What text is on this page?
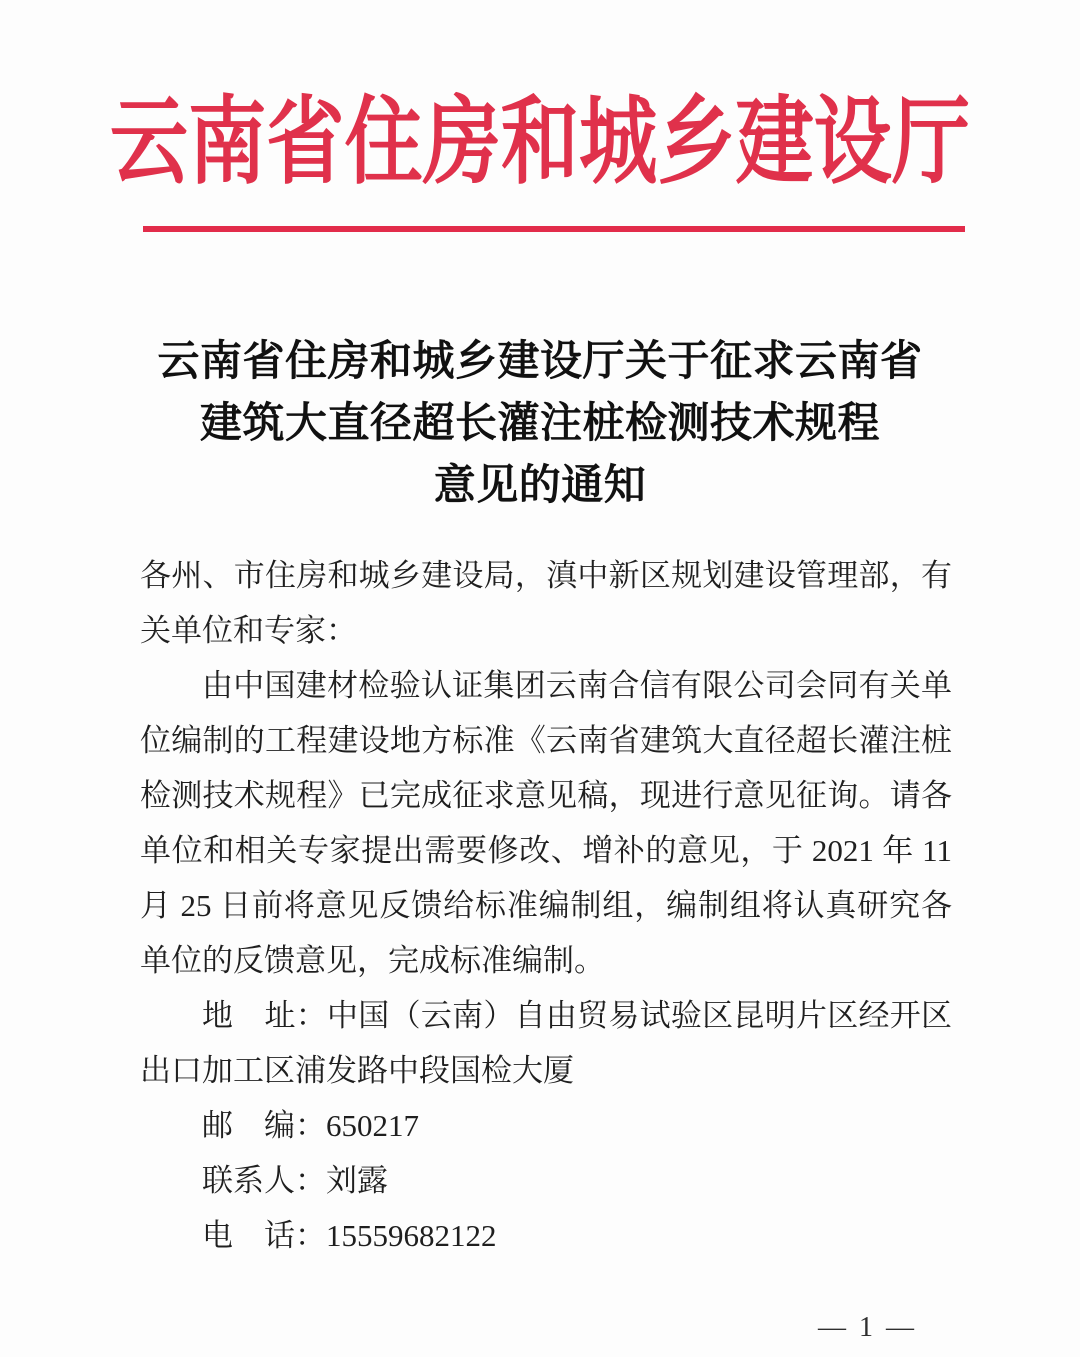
云南省住房和城乡建设厅
云南省住房和城乡建设厅关于征求云南省
建筑大直径超长灌注桩检测技术规程
意见的通知

各州、市住房和城乡建设局，滇中新区规划建设管理部，有关单位和专家：

由中国建材检验认证集团云南合信有限公司会同有关单位编制的工程建设地方标准《云南省建筑大直径超长灌注桩检测技术规程》已完成征求意见稿，现进行意见征询。请各单位和相关专家提出需要修改、增补的意见，于 2021 年 11 月 25 日前将意见反馈给标准编制组，编制组将认真研究各单位的反馈意见，完成标准编制。

地　址：中国（云南）自由贸易试验区昆明片区经开区出口加工区浦发路中段国检大厦

邮　编：650217

联系人：刘露

电　话：15559682122

— 1 —
